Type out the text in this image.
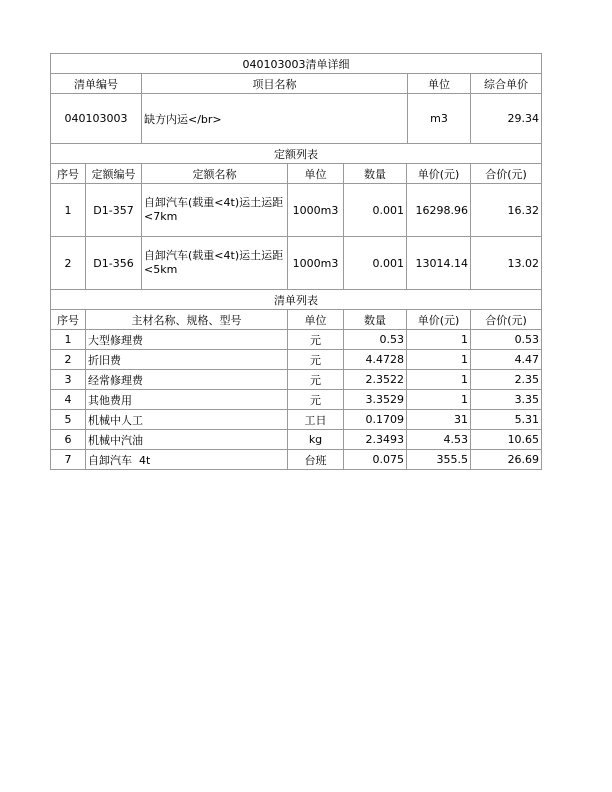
040103003清单详细			
清单编号	项目名称	单位	综合单价
040103003	缺方内运</br>	m3	29.34
定额列表						
序号	定额编号	定额名称	单位	数量	单价(元)	合价(元)
1	D1-357	自卸汽车(载重<4t)运土运距<7km	1000m3	0.001	16298.96	16.32
2	D1-356	自卸汽车(载重<4t)运土运距<5km	1000m3	0.001	13014.14	13.02
清单列表					
序号	主材名称、规格、型号	单位	数量	单价(元)	合价(元)
1	大型修理费	元	0.53	1	0.53
2	折旧费	元	4.4728	1	4.47
3	经常修理费	元	2.3522	1	2.35
4	其他费用	元	3.3529	1	3.35
5	机械中人工	工日	0.1709	31	5.31
6	机械中汽油	kg	2.3493	4.53	10.65
7	自卸汽车  4t	台班	0.075	355.5	26.69
